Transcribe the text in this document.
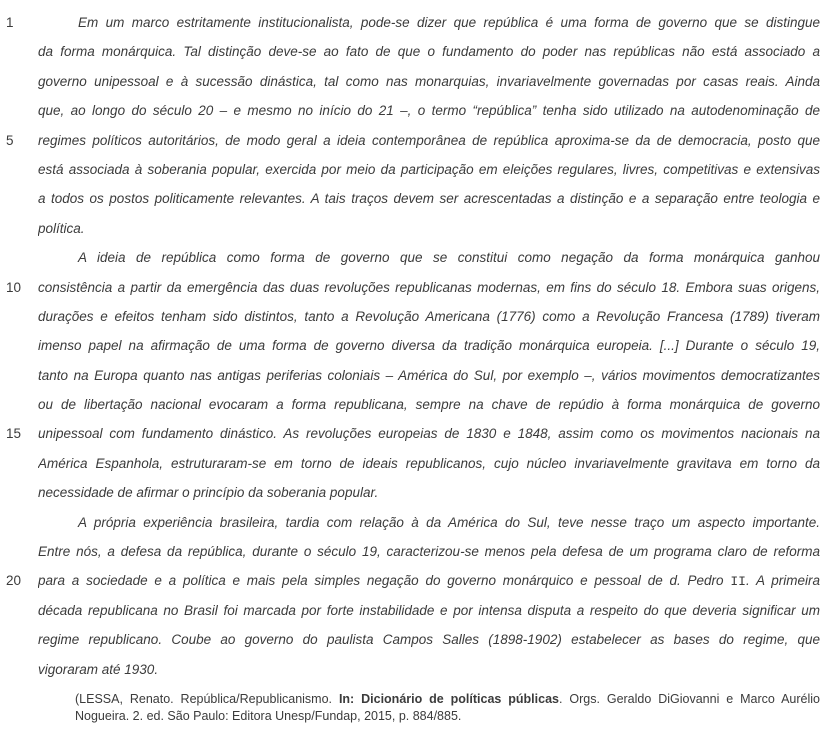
1	Em um marco estritamente institucionalista, pode-se dizer que república é uma forma de governo que se distingue
da forma monárquica. Tal distinção deve-se ao fato de que o fundamento do poder nas repúblicas não está associado a
governo unipessoal e à sucessão dinástica, tal como nas monarquias, invariavelmente governadas por casas reais. Ainda
que, ao longo do século 20 – e mesmo no início do 21 –, o termo “república” tenha sido utilizado na autodenominação de
5	regimes políticos autoritários, de modo geral a ideia contemporânea de república aproxima-se da de democracia, posto que
está associada à soberania popular, exercida por meio da participação em eleições regulares, livres, competitivas e extensivas
a todos os postos politicamente relevantes. A tais traços devem ser acrescentadas a distinção e a separação entre teologia e
política.
A ideia de república como forma de governo que se constitui como negação da forma monárquica ganhou
10	consistência a partir da emergência das duas revoluções republicanas modernas, em fins do século 18. Embora suas origens,
durações e efeitos tenham sido distintos, tanto a Revolução Americana (1776) como a Revolução Francesa (1789) tiveram
imenso papel na afirmação de uma forma de governo diversa da tradição monárquica europeia. [...] Durante o século 19,
tanto na Europa quanto nas antigas periferias coloniais – América do Sul, por exemplo –, vários movimentos democratizantes
ou de libertação nacional evocaram a forma republicana, sempre na chave de repúdio à forma monárquica de governo
15	unipessoal com fundamento dinástico. As revoluções europeias de 1830 e 1848, assim como os movimentos nacionais na
América Espanhola, estruturaram-se em torno de ideais republicanos, cujo núcleo invariavelmente gravitava em torno da
necessidade de afirmar o princípio da soberania popular.
A própria experiência brasileira, tardia com relação à da América do Sul, teve nesse traço um aspecto importante.
Entre nós, a defesa da república, durante o século 19, caracterizou-se menos pela defesa de um programa claro de reforma
20	para a sociedade e a política e mais pela simples negação do governo monárquico e pessoal de d. Pedro II. A primeira
década republicana no Brasil foi marcada por forte instabilidade e por intensa disputa a respeito do que deveria significar um
regime republicano. Coube ao governo do paulista Campos Salles (1898-1902) estabelecer as bases do regime, que
vigoraram até 1930.
(LESSA, Renato. República/Republicanismo. In: Dicionário de políticas públicas. Orgs. Geraldo DiGiovanni e Marco Aurélio Nogueira. 2. ed. São Paulo: Editora Unesp/Fundap, 2015, p. 884/885.
